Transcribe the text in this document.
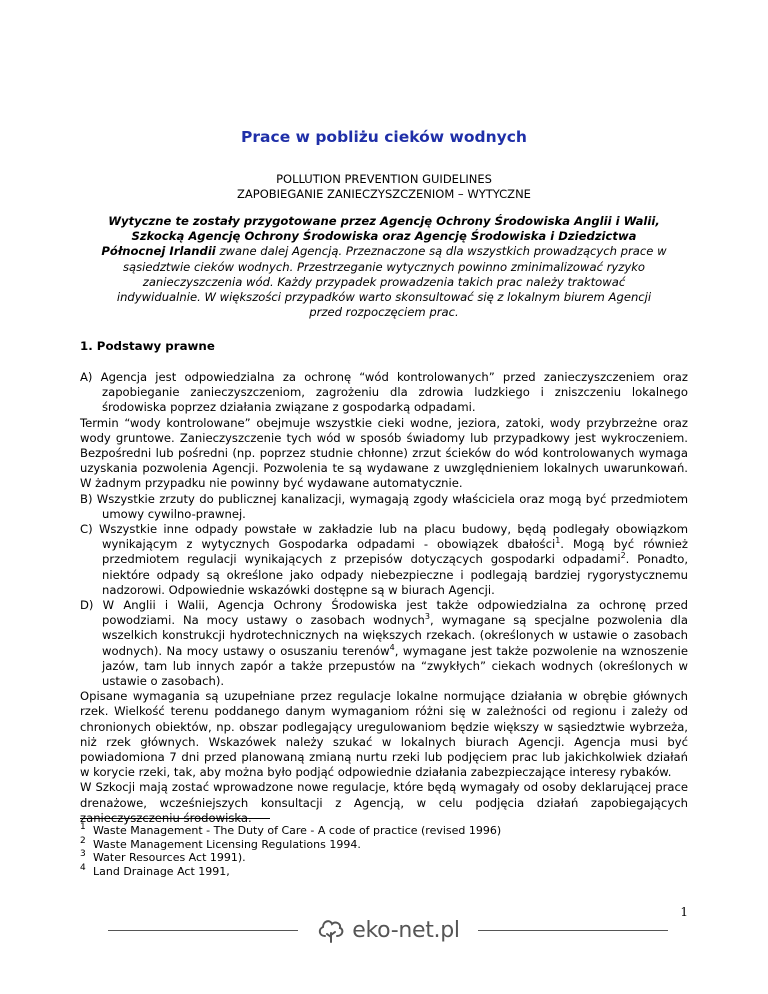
Prace w pobliżu cieków wodnych
POLLUTION PREVENTION GUIDELINES
ZAPOBIEGANIE ZANIECZYSZCZENIOM – WYTYCZNE
Wytyczne te zostały przygotowane przez Agencję Ochrony Środowiska Anglii i Walii, Szkocką Agencję Ochrony Środowiska oraz Agencję Środowiska i Dziedzictwa Północnej Irlandii zwane dalej Agencją. Przeznaczone są dla wszystkich prowadzących prace w sąsiedztwie cieków wodnych. Przestrzeganie wytycznych powinno zminimalizować ryzyko zanieczyszczenia wód. Każdy przypadek prowadzenia takich prac należy traktować indywidualnie. W większości przypadków warto skonsultować się z lokalnym biurem Agencji przed rozpoczęciem prac.
1. Podstawy prawne

A) Agencja jest odpowiedzialna za ochronę “wód kontrolowanych” przed zanieczyszczeniem oraz zapobieganie zanieczyszczeniom, zagrożeniu dla zdrowia ludzkiego i zniszczeniu lokalnego środowiska poprzez działania związane z gospodarką odpadami.

Termin “wody kontrolowane” obejmuje wszystkie cieki wodne, jeziora, zatoki, wody przybrzeżne oraz wody gruntowe. Zanieczyszczenie tych wód w sposób świadomy lub przypadkowy jest wykroczeniem. Bezpośredni lub pośredni (np. poprzez studnie chłonne) zrzut ścieków do wód kontrolowanych wymaga uzyskania pozwolenia Agencji. Pozwolenia te są wydawane z uwzględnieniem lokalnych uwarunkowań. W żadnym przypadku nie powinny być wydawane automatycznie.

B) Wszystkie zrzuty do publicznej kanalizacji, wymagają zgody właściciela oraz mogą być przedmiotem umowy cywilno-prawnej.

C) Wszystkie inne odpady powstałe w zakładzie lub na placu budowy, będą podlegały obowiązkom wynikającym z wytycznych Gospodarka odpadami - obowiązek dbałości$^1$. Mogą być również przedmiotem regulacji wynikających z przepisów dotyczących gospodarki odpadami$^2$. Ponadto, niektóre odpady są określone jako odpady niebezpieczne i podlegają bardziej rygorystycznemu nadzorowi. Odpowiednie wskazówki dostępne są w biurach Agencji.

D) W Anglii i Walii, Agencja Ochrony Środowiska jest także odpowiedzialna za ochronę przed powodziami. Na mocy ustawy o zasobach wodnych$^3$, wymagane są specjalne pozwolenia dla wszelkich konstrukcji hydrotechnicznych na większych rzekach. (określonych w ustawie o zasobach wodnych). Na mocy ustawy o osuszaniu terenów$^4$, wymagane jest także pozwolenie na wznoszenie jazów, tam lub innych zapór a także przepustów na “zwykłych” ciekach wodnych (określonych w ustawie o zasobach).

Opisane wymagania są uzupełniane przez regulacje lokalne normujące działania w obrębie głównych rzek. Wielkość terenu poddanego danym wymaganiom różni się w zależności od regionu i zależy od chronionych obiektów, np. obszar podlegający uregulowaniom będzie większy w sąsiedztwie wybrzeża, niż rzek głównych. Wskazówek należy szukać w lokalnych biurach Agencji. Agencja musi być powiadomiona 7 dni przed planowaną zmianą nurtu rzeki lub podjęciem prac lub jakichkolwiek działań w korycie rzeki, tak, aby można było podjąć odpowiednie działania zabezpieczające interesy rybaków.

W Szkocji mają zostać wprowadzone nowe regulacje, które będą wymagały od osoby deklarującej prace drenażowe, wcześniejszych konsultacji z Agencją, w celu podjęcia działań zapobiegających zanieczyszczeniu środowiska.

1 Waste Management - The Duty of Care - A code of practice (revised 1996)
2 Waste Management Licensing Regulations 1994.
3 Water Resources Act 1991).
4 Land Drainage Act 1991,
1
eko-net.pl
